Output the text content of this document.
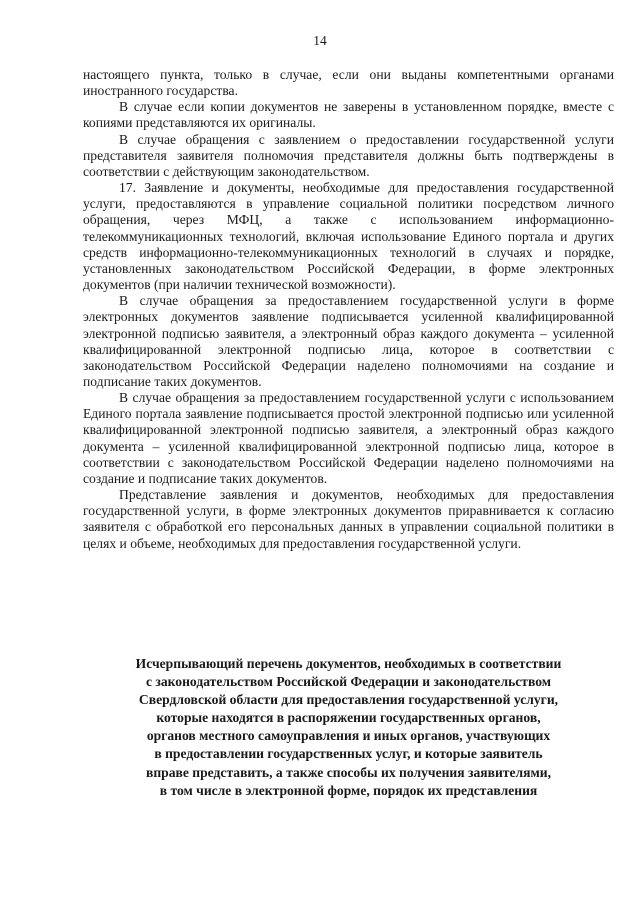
14

настоящего пункта, только в случае, если они выданы компетентными органами иностранного государства.

В случае если копии документов не заверены в установленном порядке, вместе с копиями представляются их оригиналы.

В случае обращения с заявлением о предоставлении государственной услуги представителя заявителя полномочия представителя должны быть подтверждены в соответствии с действующим законодательством.

17. Заявление и документы, необходимые для предоставления государственной услуги, предоставляются в управление социальной политики посредством личного обращения, через МФЦ, а также с использованием информационно-телекоммуникационных технологий, включая использование Единого портала и других средств информационно-телекоммуникационных технологий в случаях и порядке, установленных законодательством Российской Федерации, в форме электронных документов (при наличии технической возможности).

В случае обращения за предоставлением государственной услуги в форме электронных документов заявление подписывается усиленной квалифицированной электронной подписью заявителя, а электронный образ каждого документа – усиленной квалифицированной электронной подписью лица, которое в соответствии с законодательством Российской Федерации наделено полномочиями на создание и подписание таких документов.

В случае обращения за предоставлением государственной услуги с использованием Единого портала заявление подписывается простой электронной подписью или усиленной квалифицированной электронной подписью заявителя, а электронный образ каждого документа – усиленной квалифицированной электронной подписью лица, которое в соответствии с законодательством Российской Федерации наделено полномочиями на создание и подписание таких документов.

Представление заявления и документов, необходимых для предоставления государственной услуги, в форме электронных документов приравнивается к согласию заявителя с обработкой его персональных данных в управлении социальной политики в целях и объеме, необходимых для предоставления государственной услуги.

Исчерпывающий перечень документов, необходимых в соответствии
с законодательством Российской Федерации и законодательством
Свердловской области для предоставления государственной услуги,
которые находятся в распоряжении государственных органов,
органов местного самоуправления и иных органов, участвующих
в предоставлении государственных услуг, и которые заявитель
вправе представить, а также способы их получения заявителями,
в том числе в электронной форме, порядок их представления
